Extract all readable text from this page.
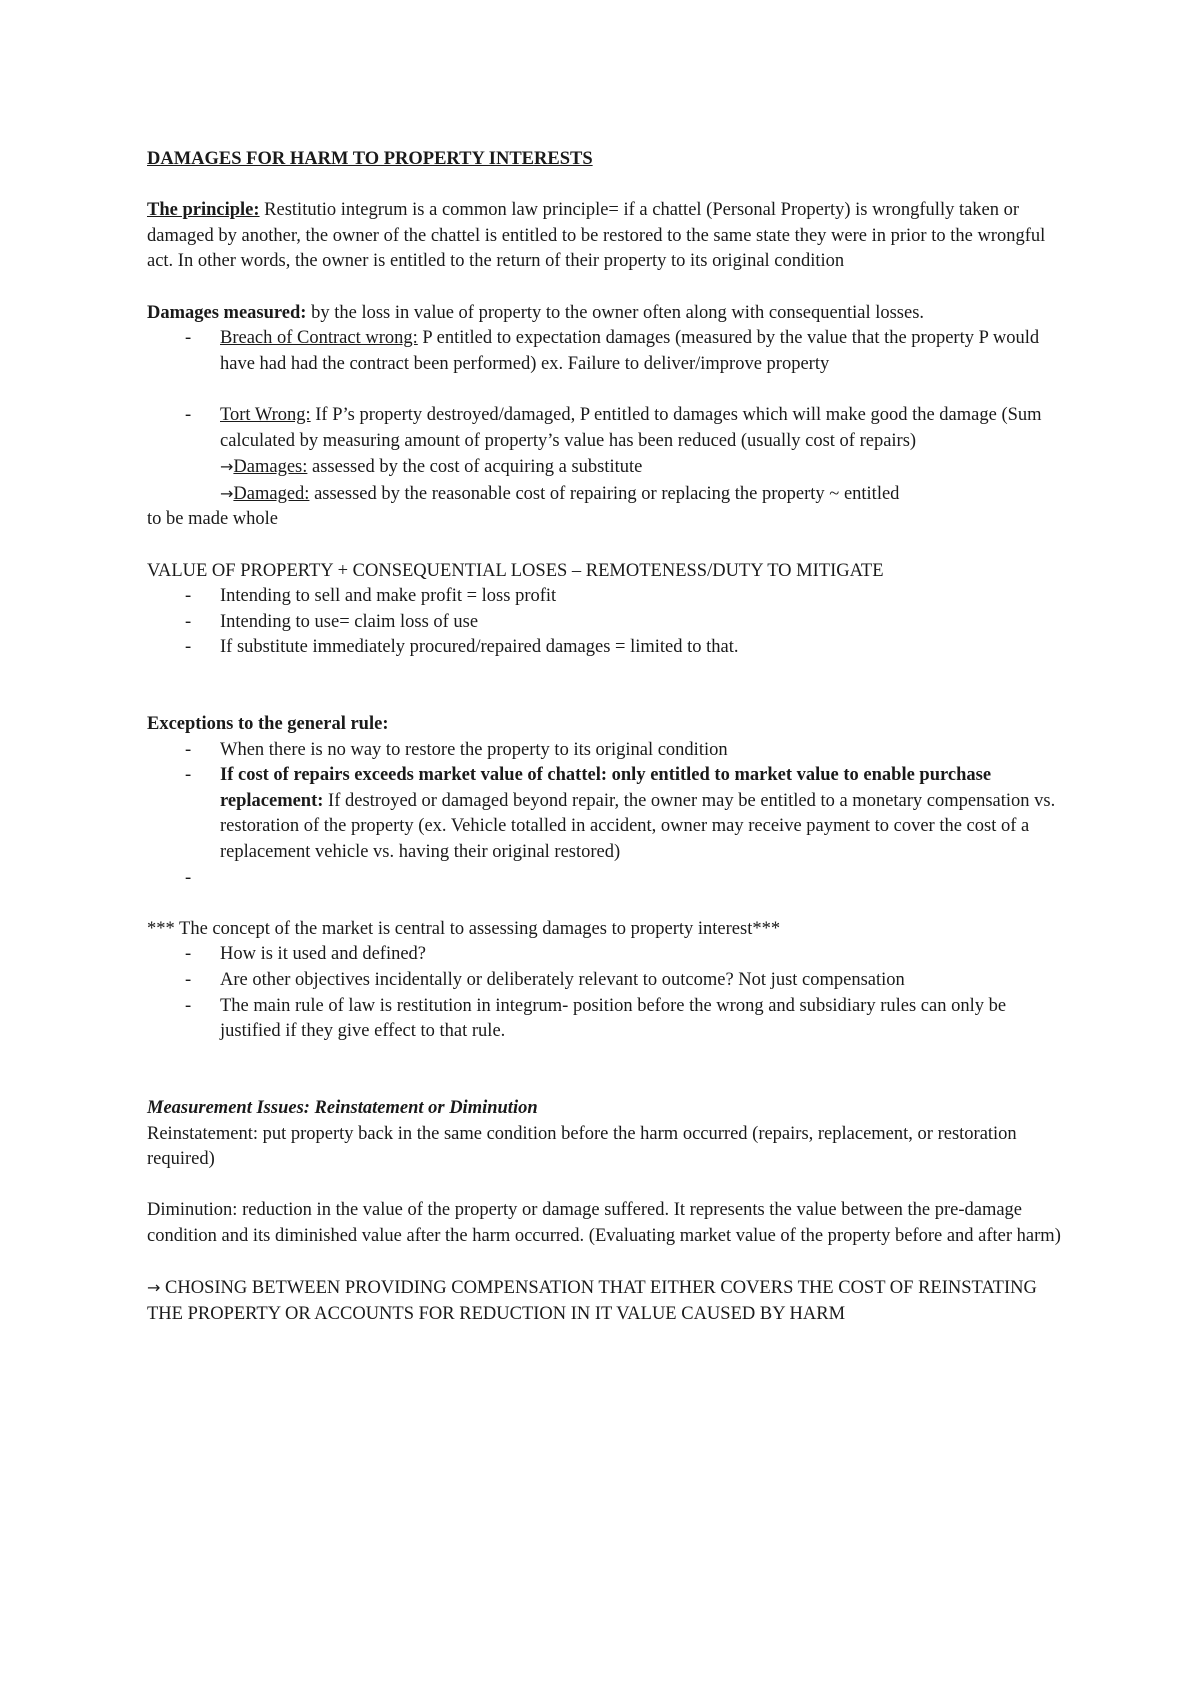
DAMAGES FOR HARM TO PROPERTY INTERESTS

The principle: Restitutio integrum is a common law principle= if a chattel (Personal Property) is wrongfully taken or damaged by another, the owner of the chattel is entitled to be restored to the same state they were in prior to the wrongful act. In other words, the owner is entitled to the return of their property to its original condition

Damages measured: by the loss in value of property to the owner often along with consequential losses.

- Breach of Contract wrong: P entitled to expectation damages (measured by the value that the property P would have had had the contract been performed) ex. Failure to deliver/improve property
- Tort Wrong: If P’s property destroyed/damaged, P entitled to damages which will make good the damage (Sum calculated by measuring amount of property’s value has been reduced (usually cost of repairs)

→Damages: assessed by the cost of acquiring a substitute

→Damaged: assessed by the reasonable cost of repairing or replacing the property ~ entitled

to be made whole

VALUE OF PROPERTY + CONSEQUENTIAL LOSES – REMOTENESS/DUTY TO MITIGATE

- Intending to sell and make profit = loss profit
- Intending to use= claim loss of use
- If substitute immediately procured/repaired damages = limited to that.

Exceptions to the general rule:

- When there is no way to restore the property to its original condition
- If cost of repairs exceeds market value of chattel: only entitled to market value to enable purchase replacement: If destroyed or damaged beyond repair, the owner may be entitled to a monetary compensation vs. restoration of the property (ex. Vehicle totalled in accident, owner may receive payment to cover the cost of a replacement vehicle vs. having their original restored)
-

*** The concept of the market is central to assessing damages to property interest***

- How is it used and defined?
- Are other objectives incidentally or deliberately relevant to outcome? Not just compensation
- The main rule of law is restitution in integrum- position before the wrong and subsidiary rules can only be justified if they give effect to that rule.

Measurement Issues: Reinstatement or Diminution

Reinstatement: put property back in the same condition before the harm occurred (repairs, replacement, or restoration required)

Diminution: reduction in the value of the property or damage suffered. It represents the value between the pre-damage condition and its diminished value after the harm occurred. (Evaluating market value of the property before and after harm)

→ CHOSING BETWEEN PROVIDING COMPENSATION THAT EITHER COVERS THE COST OF REINSTATING THE PROPERTY OR ACCOUNTS FOR REDUCTION IN IT VALUE CAUSED BY HARM
